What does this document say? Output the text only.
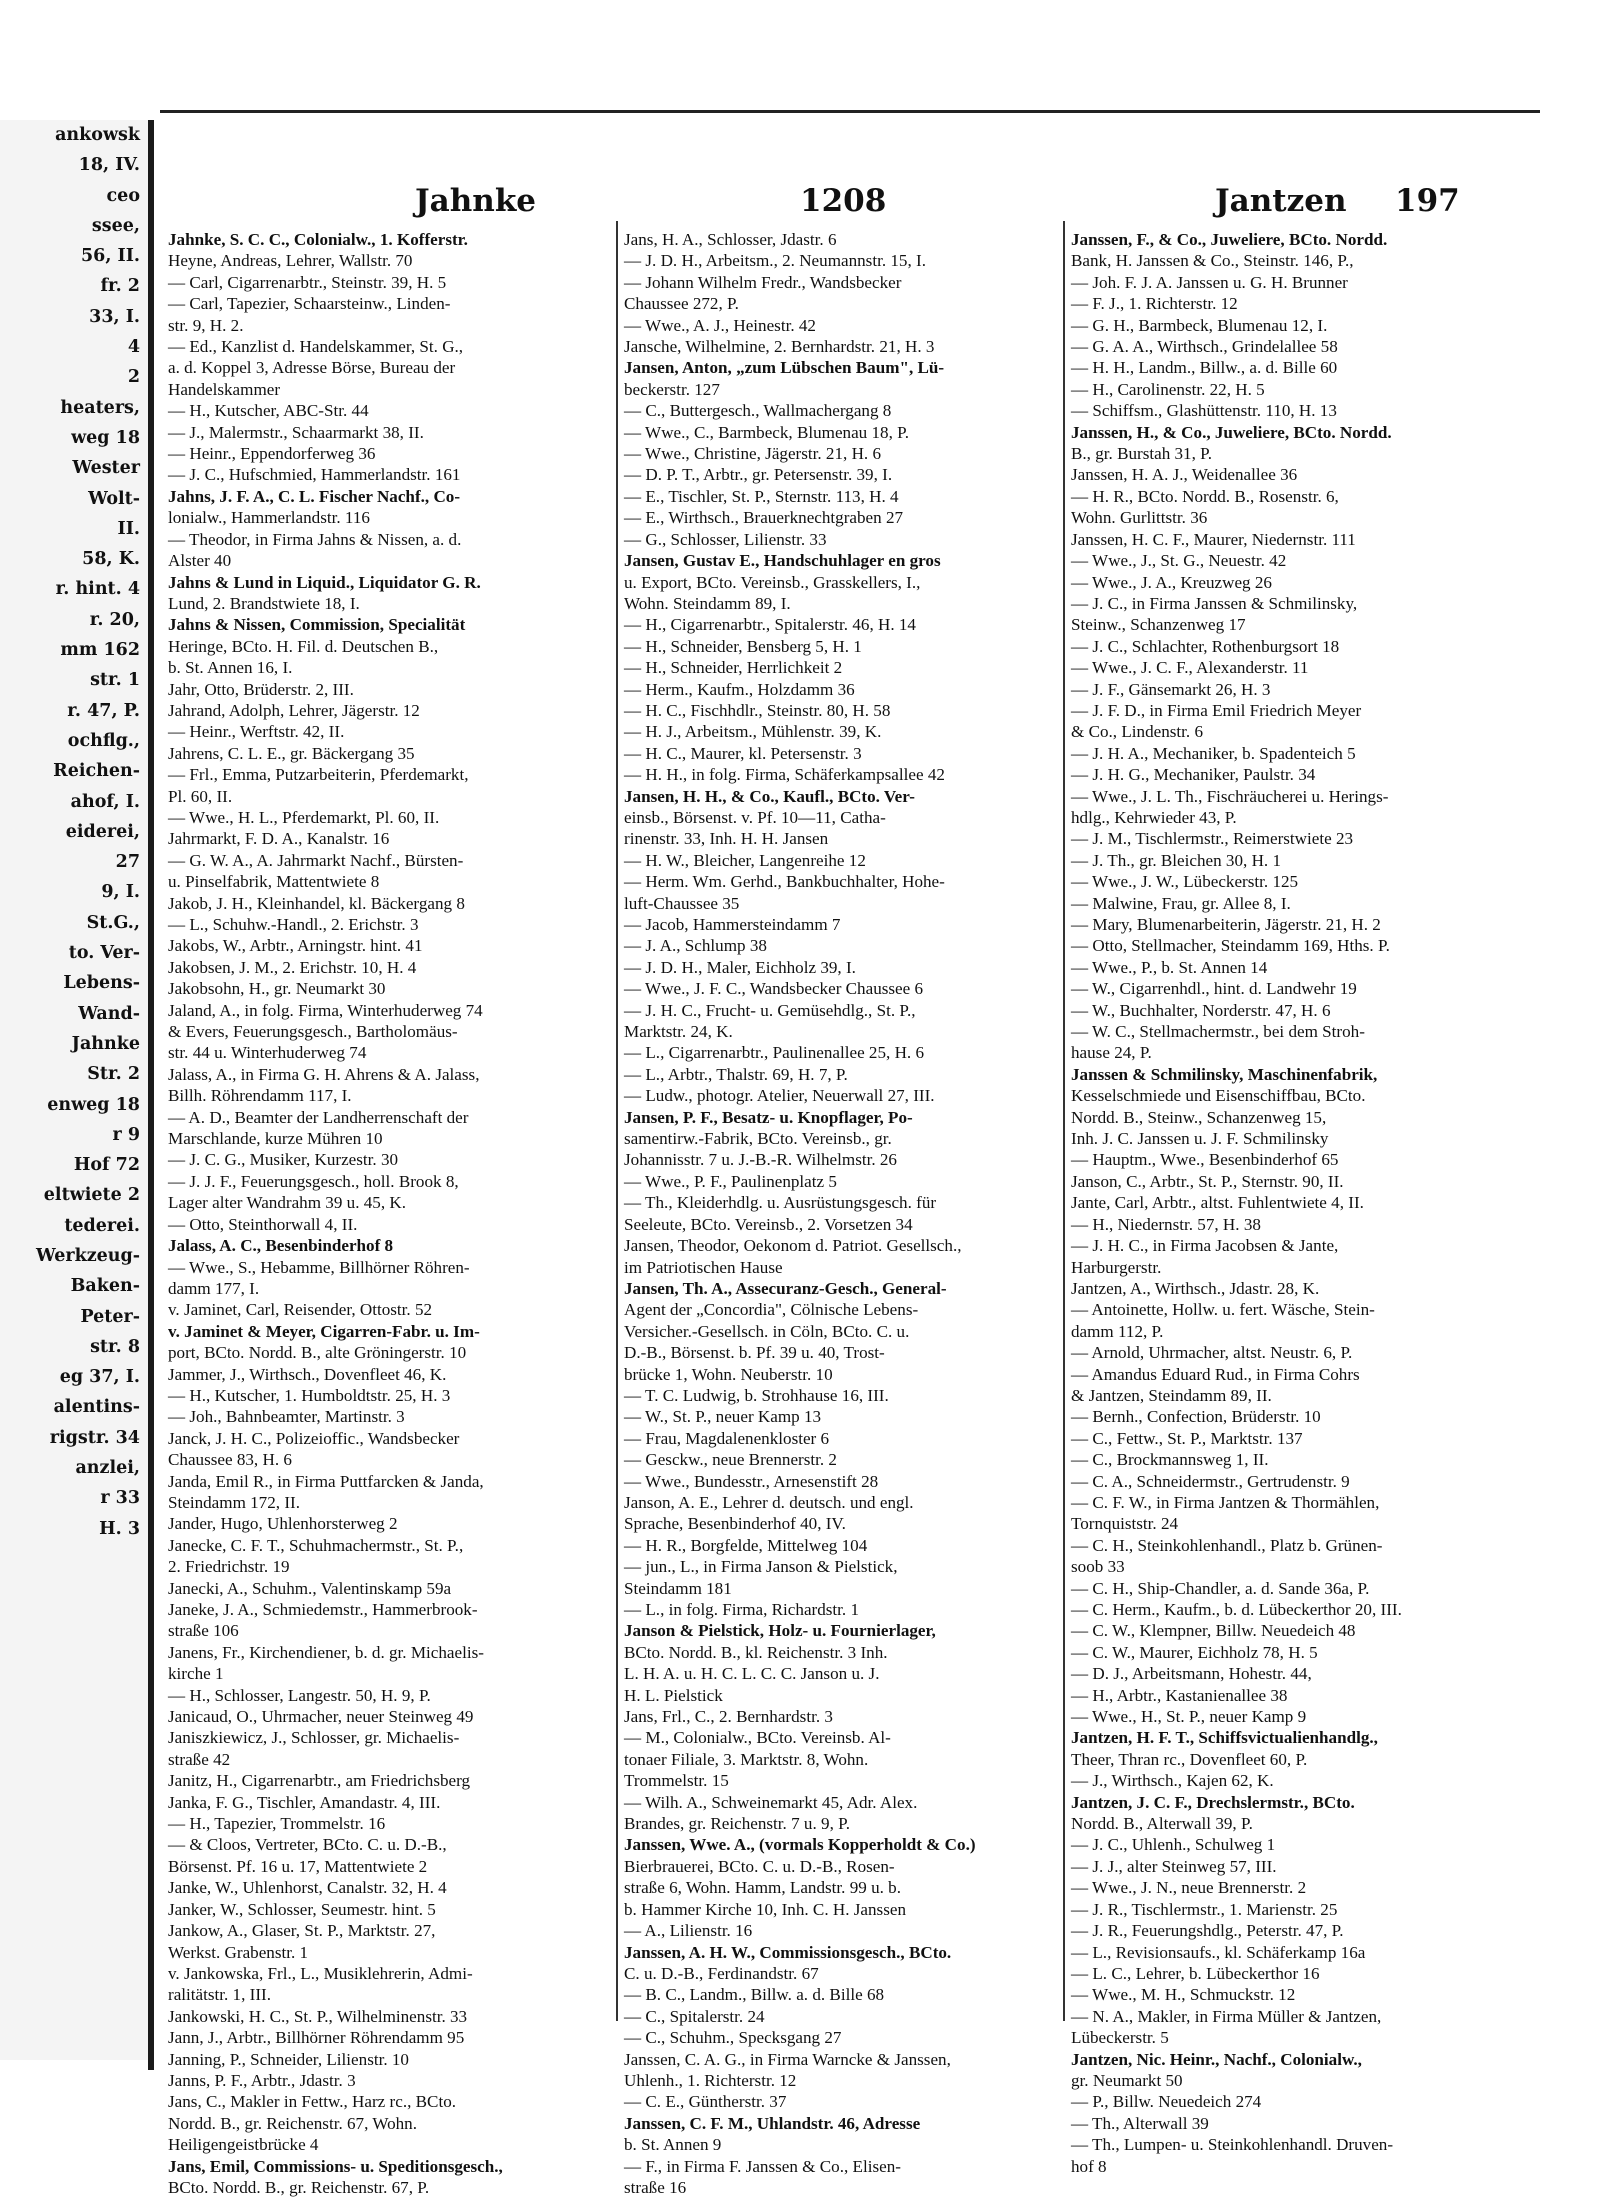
ankowsk
18, IV.
ceo
ssee,
56, II.
fr. 2
33, I.
4
2
heaters,
weg 18
Wester
Wolt-
II.
58, K.
r. hint. 4
r. 20,
mm 162
str. 1
r. 47, P.
ochflg.,
Reichen-
ahof, I.
eiderei,
27
9, I.
St.G.,
to. Ver-
Lebens-
Wand-
Jahnke
Str. 2
enweg 18
r 9
Hof 72
eltwiete 2
tederei.
Werkzeug-
Baken-
Peter-
str. 8
eg 37, I.
alentins-
rigstr. 34
anzlei,
r 33
H. 3
Jahnke	1208	Jantzen 197
Jahnke, S. C. C., Colonialw., 1. Kofferstr.
Heyne, Andreas, Lehrer, Wallstr. 70
— Carl, Cigarrenarbtr., Steinstr. 39, H. 5
— Carl, Tapezier, Schaarsteinw., Linden-
str. 9, H. 2.
— Ed., Kanzlist d. Handelskammer, St. G.,
a. d. Koppel 3, Adresse Börse, Bureau der
Handelskammer
— H., Kutscher, ABC-Str. 44
— J., Malermstr., Schaarmarkt 38, II.
— Heinr., Eppendorferweg 36
— J. C., Hufschmied, Hammerlandstr. 161
Jahns, J. F. A., C. L. Fischer Nachf., Co-
lonialw., Hammerlandstr. 116
— Theodor, in Firma Jahns & Nissen, a. d.
Alster 40
Jahns & Lund in Liquid., Liquidator G. R.
Lund, 2. Brandstwiete 18, I.
Jahns & Nissen, Commission, Specialität
Heringe, BCto. H. Fil. d. Deutschen B.,
b. St. Annen 16, I.
Jahr, Otto, Brüderstr. 2, III.
Jahrand, Adolph, Lehrer, Jägerstr. 12
— Heinr., Werftstr. 42, II.
Jahrens, C. L. E., gr. Bäckergang 35
— Frl., Emma, Putzarbeiterin, Pferdemarkt,
Pl. 60, II.
— Wwe., H. L., Pferdemarkt, Pl. 60, II.
Jahrmarkt, F. D. A., Kanalstr. 16
— G. W. A., A. Jahrmarkt Nachf., Bürsten-
u. Pinselfabrik, Mattentwiete 8
Jakob, J. H., Kleinhandel, kl. Bäckergang 8
— L., Schuhw.-Handl., 2. Erichstr. 3
Jakobs, W., Arbtr., Arningstr. hint. 41
Jakobsen, J. M., 2. Erichstr. 10, H. 4
Jakobsohn, H., gr. Neumarkt 30
Jaland, A., in folg. Firma, Winterhuderweg 74
& Evers, Feuerungsgesch., Bartholomäus-
str. 44 u. Winterhuderweg 74
Jalass, A., in Firma G. H. Ahrens & A. Jalass,
Billh. Röhrendamm 117, I.
— A. D., Beamter der Landherrenschaft der
Marschlande, kurze Mühren 10
— J. C. G., Musiker, Kurzestr. 30
— J. J. F., Feuerungsgesch., holl. Brook 8,
Lager alter Wandrahm 39 u. 45, K.
— Otto, Steinthorwall 4, II.
Jalass, A. C., Besenbinderhof 8
— Wwe., S., Hebamme, Billhörner Röhren-
damm 177, I.
v. Jaminet, Carl, Reisender, Ottostr. 52
v. Jaminet & Meyer, Cigarren-Fabr. u. Im-
port, BCto. Nordd. B., alte Gröningerstr. 10
Jammer, J., Wirthsch., Dovenfleet 46, K.
— H., Kutscher, 1. Humboldtstr. 25, H. 3
— Joh., Bahnbeamter, Martinstr. 3
Janck, J. H. C., Polizeioffic., Wandsbecker
Chaussee 83, H. 6
Janda, Emil R., in Firma Puttfarcken & Janda,
Steindamm 172, II.
Jander, Hugo, Uhlenhorsterweg 2
Janecke, C. F. T., Schuhmachermstr., St. P.,
2. Friedrichstr. 19
Janecki, A., Schuhm., Valentinskamp 59a
Janeke, J. A., Schmiedemstr., Hammerbrook-
straße 106
Janens, Fr., Kirchendiener, b. d. gr. Michaelis-
kirche 1
— H., Schlosser, Langestr. 50, H. 9, P.
Janicaud, O., Uhrmacher, neuer Steinweg 49
Janiszkiewicz, J., Schlosser, gr. Michaelis-
straße 42
Janitz, H., Cigarrenarbtr., am Friedrichsberg
Janka, F. G., Tischler, Amandastr. 4, III.
— H., Tapezier, Trommelstr. 16
— & Cloos, Vertreter, BCto. C. u. D.-B.,
Börsenst. Pf. 16 u. 17, Mattentwiete 2
Janke, W., Uhlenhorst, Canalstr. 32, H. 4
Janker, W., Schlosser, Seumestr. hint. 5
Jankow, A., Glaser, St. P., Marktstr. 27,
Werkst. Grabenstr. 1
v. Jankowska, Frl., L., Musiklehrerin, Admi-
ralitätstr. 1, III.
Jankowski, H. C., St. P., Wilhelminenstr. 33
Jann, J., Arbtr., Billhörner Röhrendamm 95
Janning, P., Schneider, Lilienstr. 10
Janns, P. F., Arbtr., Jdastr. 3
Jans, C., Makler in Fettw., Harz rc., BCto.
Nordd. B., gr. Reichenstr. 67, Wohn.
Heiligengeistbrücke 4
Jans, Emil, Commissions- u. Speditionsgesch.,
BCto. Nordd. B., gr. Reichenstr. 67, P.
Jans, H. A., Schlosser, Jdastr. 6
— J. D. H., Arbeitsm., 2. Neumannstr. 15, I.
— Johann Wilhelm Fredr., Wandsbecker
Chaussee 272, P.
— Wwe., A. J., Heinestr. 42
Jansche, Wilhelmine, 2. Bernhardstr. 21, H. 3
Jansen, Anton, „zum Lübschen Baum", Lü-
beckerstr. 127
— C., Buttergesch., Wallmachergang 8
— Wwe., C., Barmbeck, Blumenau 18, P.
— Wwe., Christine, Jägerstr. 21, H. 6
— D. P. T., Arbtr., gr. Petersenstr. 39, I.
— E., Tischler, St. P., Sternstr. 113, H. 4
— E., Wirthsch., Brauerknechtgraben 27
— G., Schlosser, Lilienstr. 33
Jansen, Gustav E., Handschuhlager en gros
u. Export, BCto. Vereinsb., Grasskellers, I.,
Wohn. Steindamm 89, I.
— H., Cigarrenarbtr., Spitalerstr. 46, H. 14
— H., Schneider, Bensberg 5, H. 1
— H., Schneider, Herrlichkeit 2
— Herm., Kaufm., Holzdamm 36
— H. C., Fischhdlr., Steinstr. 80, H. 58
— H. J., Arbeitsm., Mühlenstr. 39, K.
— H. C., Maurer, kl. Petersenstr. 3
— H. H., in folg. Firma, Schäferkampsallee 42
Jansen, H. H., & Co., Kaufl., BCto. Ver-
einsb., Börsenst. v. Pf. 10—11, Catha-
rinenstr. 33, Inh. H. H. Jansen
— H. W., Bleicher, Langenreihe 12
— Herm. Wm. Gerhd., Bankbuchhalter, Hohe-
luft-Chaussee 35
— Jacob, Hammersteindamm 7
— J. A., Schlump 38
— J. D. H., Maler, Eichholz 39, I.
— Wwe., J. F. C., Wandsbecker Chaussee 6
— J. H. C., Frucht- u. Gemüsehdlg., St. P.,
Marktstr. 24, K.
— L., Cigarrenarbtr., Paulinenallee 25, H. 6
— L., Arbtr., Thalstr. 69, H. 7, P.
— Ludw., photogr. Atelier, Neuerwall 27, III.
Jansen, P. F., Besatz- u. Knopflager, Po-
samentirw.-Fabrik, BCto. Vereinsb., gr.
Johannisstr. 7 u. J.-B.-R. Wilhelmstr. 26
— Wwe., P. F., Paulinenplatz 5
— Th., Kleiderhdlg. u. Ausrüstungsgesch. für
Seeleute, BCto. Vereinsb., 2. Vorsetzen 34
Jansen, Theodor, Oekonom d. Patriot. Gesellsch.,
im Patriotischen Hause
Jansen, Th. A., Assecuranz-Gesch., General-
Agent der „Concordia", Cölnische Lebens-
Versicher.-Gesellsch. in Cöln, BCto. C. u.
D.-B., Börsenst. b. Pf. 39 u. 40, Trost-
brücke 1, Wohn. Neuberstr. 10
— T. C. Ludwig, b. Strohhause 16, III.
— W., St. P., neuer Kamp 13
— Frau, Magdalenenkloster 6
— Gesckw., neue Brennerstr. 2
— Wwe., Bundesstr., Arnesenstift 28
Janson, A. E., Lehrer d. deutsch. und engl.
Sprache, Besenbinderhof 40, IV.
— H. R., Borgfelde, Mittelweg 104
— jun., L., in Firma Janson & Pielstick,
Steindamm 181
— L., in folg. Firma, Richardstr. 1
Janson & Pielstick, Holz- u. Fournierlager,
BCto. Nordd. B., kl. Reichenstr. 3 Inh.
L. H. A. u. H. C. L. C. C. Janson u. J.
H. L. Pielstick
Jans, Frl., C., 2. Bernhardstr. 3
— M., Colonialw., BCto. Vereinsb. Al-
tonaer Filiale, 3. Marktstr. 8, Wohn.
Trommelstr. 15
— Wilh. A., Schweinemarkt 45, Adr. Alex.
Brandes, gr. Reichenstr. 7 u. 9, P.
Janssen, Wwe. A., (vormals Kopperholdt & Co.)
Bierbrauerei, BCto. C. u. D.-B., Rosen-
straße 6, Wohn. Hamm, Landstr. 99 u. b.
b. Hammer Kirche 10, Inh. C. H. Janssen
— A., Lilienstr. 16
Janssen, A. H. W., Commissionsgesch., BCto.
C. u. D.-B., Ferdinandstr. 67
— B. C., Landm., Billw. a. d. Bille 68
— C., Spitalerstr. 24
— C., Schuhm., Specksgang 27
Janssen, C. A. G., in Firma Warncke & Janssen,
Uhlenh., 1. Richterstr. 12
— C. E., Güntherstr. 37
Janssen, C. F. M., Uhlandstr. 46, Adresse
b. St. Annen 9
— F., in Firma F. Janssen & Co., Elisen-
straße 16
Janssen, F., & Co., Juweliere, BCto. Nordd.
Bank, H. Janssen & Co., Steinstr. 146, P.,
— Joh. F. J. A. Janssen u. G. H. Brunner
— F. J., 1. Richterstr. 12
— G. H., Barmbeck, Blumenau 12, I.
— G. A. A., Wirthsch., Grindelallee 58
— H. H., Landm., Billw., a. d. Bille 60
— H., Carolinenstr. 22, H. 5
— Schiffsm., Glashüttenstr. 110, H. 13
Janssen, H., & Co., Juweliere, BCto. Nordd.
B., gr. Burstah 31, P.
Janssen, H. A. J., Weidenallee 36
— H. R., BCto. Nordd. B., Rosenstr. 6,
Wohn. Gurlittstr. 36
Janssen, H. C. F., Maurer, Niedernstr. 111
— Wwe., J., St. G., Neuestr. 42
— Wwe., J. A., Kreuzweg 26
— J. C., in Firma Janssen & Schmilinsky,
Steinw., Schanzenweg 17
— J. C., Schlachter, Rothenburgsort 18
— Wwe., J. C. F., Alexanderstr. 11
— J. F., Gänsemarkt 26, H. 3
— J. F. D., in Firma Emil Friedrich Meyer
& Co., Lindenstr. 6
— J. H. A., Mechaniker, b. Spadenteich 5
— J. H. G., Mechaniker, Paulstr. 34
— Wwe., J. L. Th., Fischräucherei u. Herings-
hdlg., Kehrwieder 43, P.
— J. M., Tischlermstr., Reimerstwiete 23
— J. Th., gr. Bleichen 30, H. 1
— Wwe., J. W., Lübeckerstr. 125
— Malwine, Frau, gr. Allee 8, I.
— Mary, Blumenarbeiterin, Jägerstr. 21, H. 2
— Otto, Stellmacher, Steindamm 169, Hths. P.
— Wwe., P., b. St. Annen 14
— W., Cigarrenhdl., hint. d. Landwehr 19
— W., Buchhalter, Norderstr. 47, H. 6
— W. C., Stellmachermstr., bei dem Stroh-
hause 24, P.
Janssen & Schmilinsky, Maschinenfabrik,
Kesselschmiede und Eisenschiffbau, BCto.
Nordd. B., Steinw., Schanzenweg 15,
Inh. J. C. Janssen u. J. F. Schmilinsky
— Hauptm., Wwe., Besenbinderhof 65
Janson, C., Arbtr., St. P., Sternstr. 90, II.
Jante, Carl, Arbtr., altst. Fuhlentwiete 4, II.
— H., Niedernstr. 57, H. 38
— J. H. C., in Firma Jacobsen & Jante,
Harburgerstr.
Jantzen, A., Wirthsch., Jdastr. 28, K.
— Antoinette, Hollw. u. fert. Wäsche, Stein-
damm 112, P.
— Arnold, Uhrmacher, altst. Neustr. 6, P.
— Amandus Eduard Rud., in Firma Cohrs
& Jantzen, Steindamm 89, II.
— Bernh., Confection, Brüderstr. 10
— C., Fettw., St. P., Marktstr. 137
— C., Brockmannsweg 1, II.
— C. A., Schneidermstr., Gertrudenstr. 9
— C. F. W., in Firma Jantzen & Thormählen,
Tornquiststr. 24
— C. H., Steinkohlenhandl., Platz b. Grünen-
soob 33
— C. H., Ship-Chandler, a. d. Sande 36a, P.
— C. Herm., Kaufm., b. d. Lübeckerthor 20, III.
— C. W., Klempner, Billw. Neuedeich 48
— C. W., Maurer, Eichholz 78, H. 5
— D. J., Arbeitsmann, Hohestr. 44,
— H., Arbtr., Kastanienallee 38
— Wwe., H., St. P., neuer Kamp 9
Jantzen, H. F. T., Schiffsvictualienhandlg.,
Theer, Thran rc., Dovenfleet 60, P.
— J., Wirthsch., Kajen 62, K.
Jantzen, J. C. F., Drechslermstr., BCto.
Nordd. B., Alterwall 39, P.
— J. C., Uhlenh., Schulweg 1
— J. J., alter Steinweg 57, III.
— Wwe., J. N., neue Brennerstr. 2
— J. R., Tischlermstr., 1. Marienstr. 25
— J. R., Feuerungshdlg., Peterstr. 47, P.
— L., Revisionsaufs., kl. Schäferkamp 16a
— L. C., Lehrer, b. Lübeckerthor 16
— Wwe., M. H., Schmuckstr. 12
— N. A., Makler, in Firma Müller & Jantzen,
Lübeckerstr. 5
Jantzen, Nic. Heinr., Nachf., Colonialw.,
gr. Neumarkt 50
— P., Billw. Neuedeich 274
— Th., Alterwall 39
— Th., Lumpen- u. Steinkohlenhandl. Druven-
hof 8
